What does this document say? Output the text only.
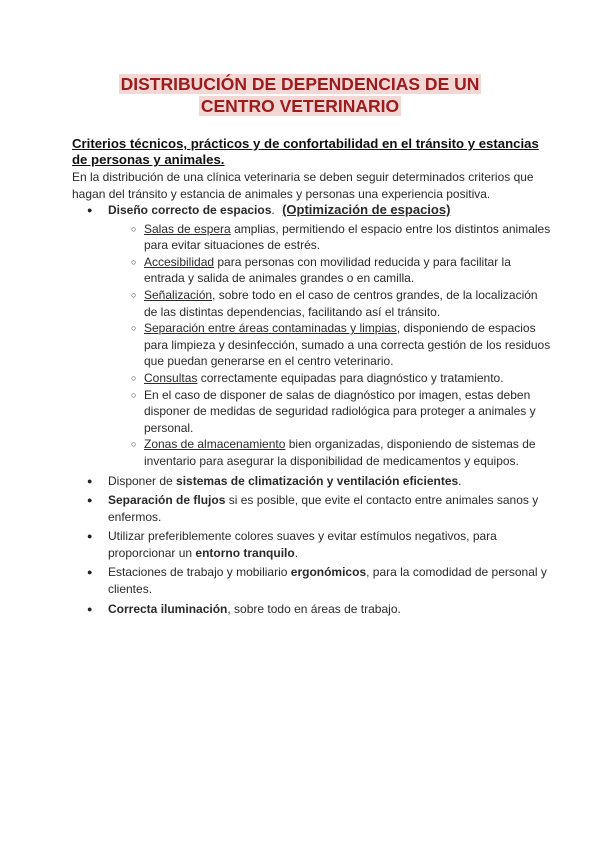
DISTRIBUCIÓN DE DEPENDENCIAS DE UN
CENTRO VETERINARIO
Criterios técnicos, prácticos y de confortabilidad en el tránsito y estancias de personas y animales.
En la distribución de una clínica veterinaria se deben seguir determinados criterios que hagan del tránsito y estancia de animales y personas una experiencia positiva.
● Diseño correcto de espacios. (Optimización de espacios)
○ Salas de espera amplias, permitiendo el espacio entre los distintos animales para evitar situaciones de estrés.
○ Accesibilidad para personas con movilidad reducida y para facilitar la entrada y salida de animales grandes o en camilla.
○ Señalización, sobre todo en el caso de centros grandes, de la localización de las distintas dependencias, facilitando así el tránsito.
○ Separación entre áreas contaminadas y limpias, disponiendo de espacios para limpieza y desinfección, sumado a una correcta gestión de los residuos que puedan generarse en el centro veterinario.
○ Consultas correctamente equipadas para diagnóstico y tratamiento.
○ En el caso de disponer de salas de diagnóstico por imagen, estas deben disponer de medidas de seguridad radiológica para proteger a animales y personal.
○ Zonas de almacenamiento bien organizadas, disponiendo de sistemas de inventario para asegurar la disponibilidad de medicamentos y equipos.
● Disponer de sistemas de climatización y ventilación eficientes.
● Separación de flujos si es posible, que evite el contacto entre animales sanos y enfermos.
● Utilizar preferiblemente colores suaves y evitar estímulos negativos, para proporcionar un entorno tranquilo.
● Estaciones de trabajo y mobiliario ergonómicos, para la comodidad de personal y clientes.
● Correcta iluminación, sobre todo en áreas de trabajo.
